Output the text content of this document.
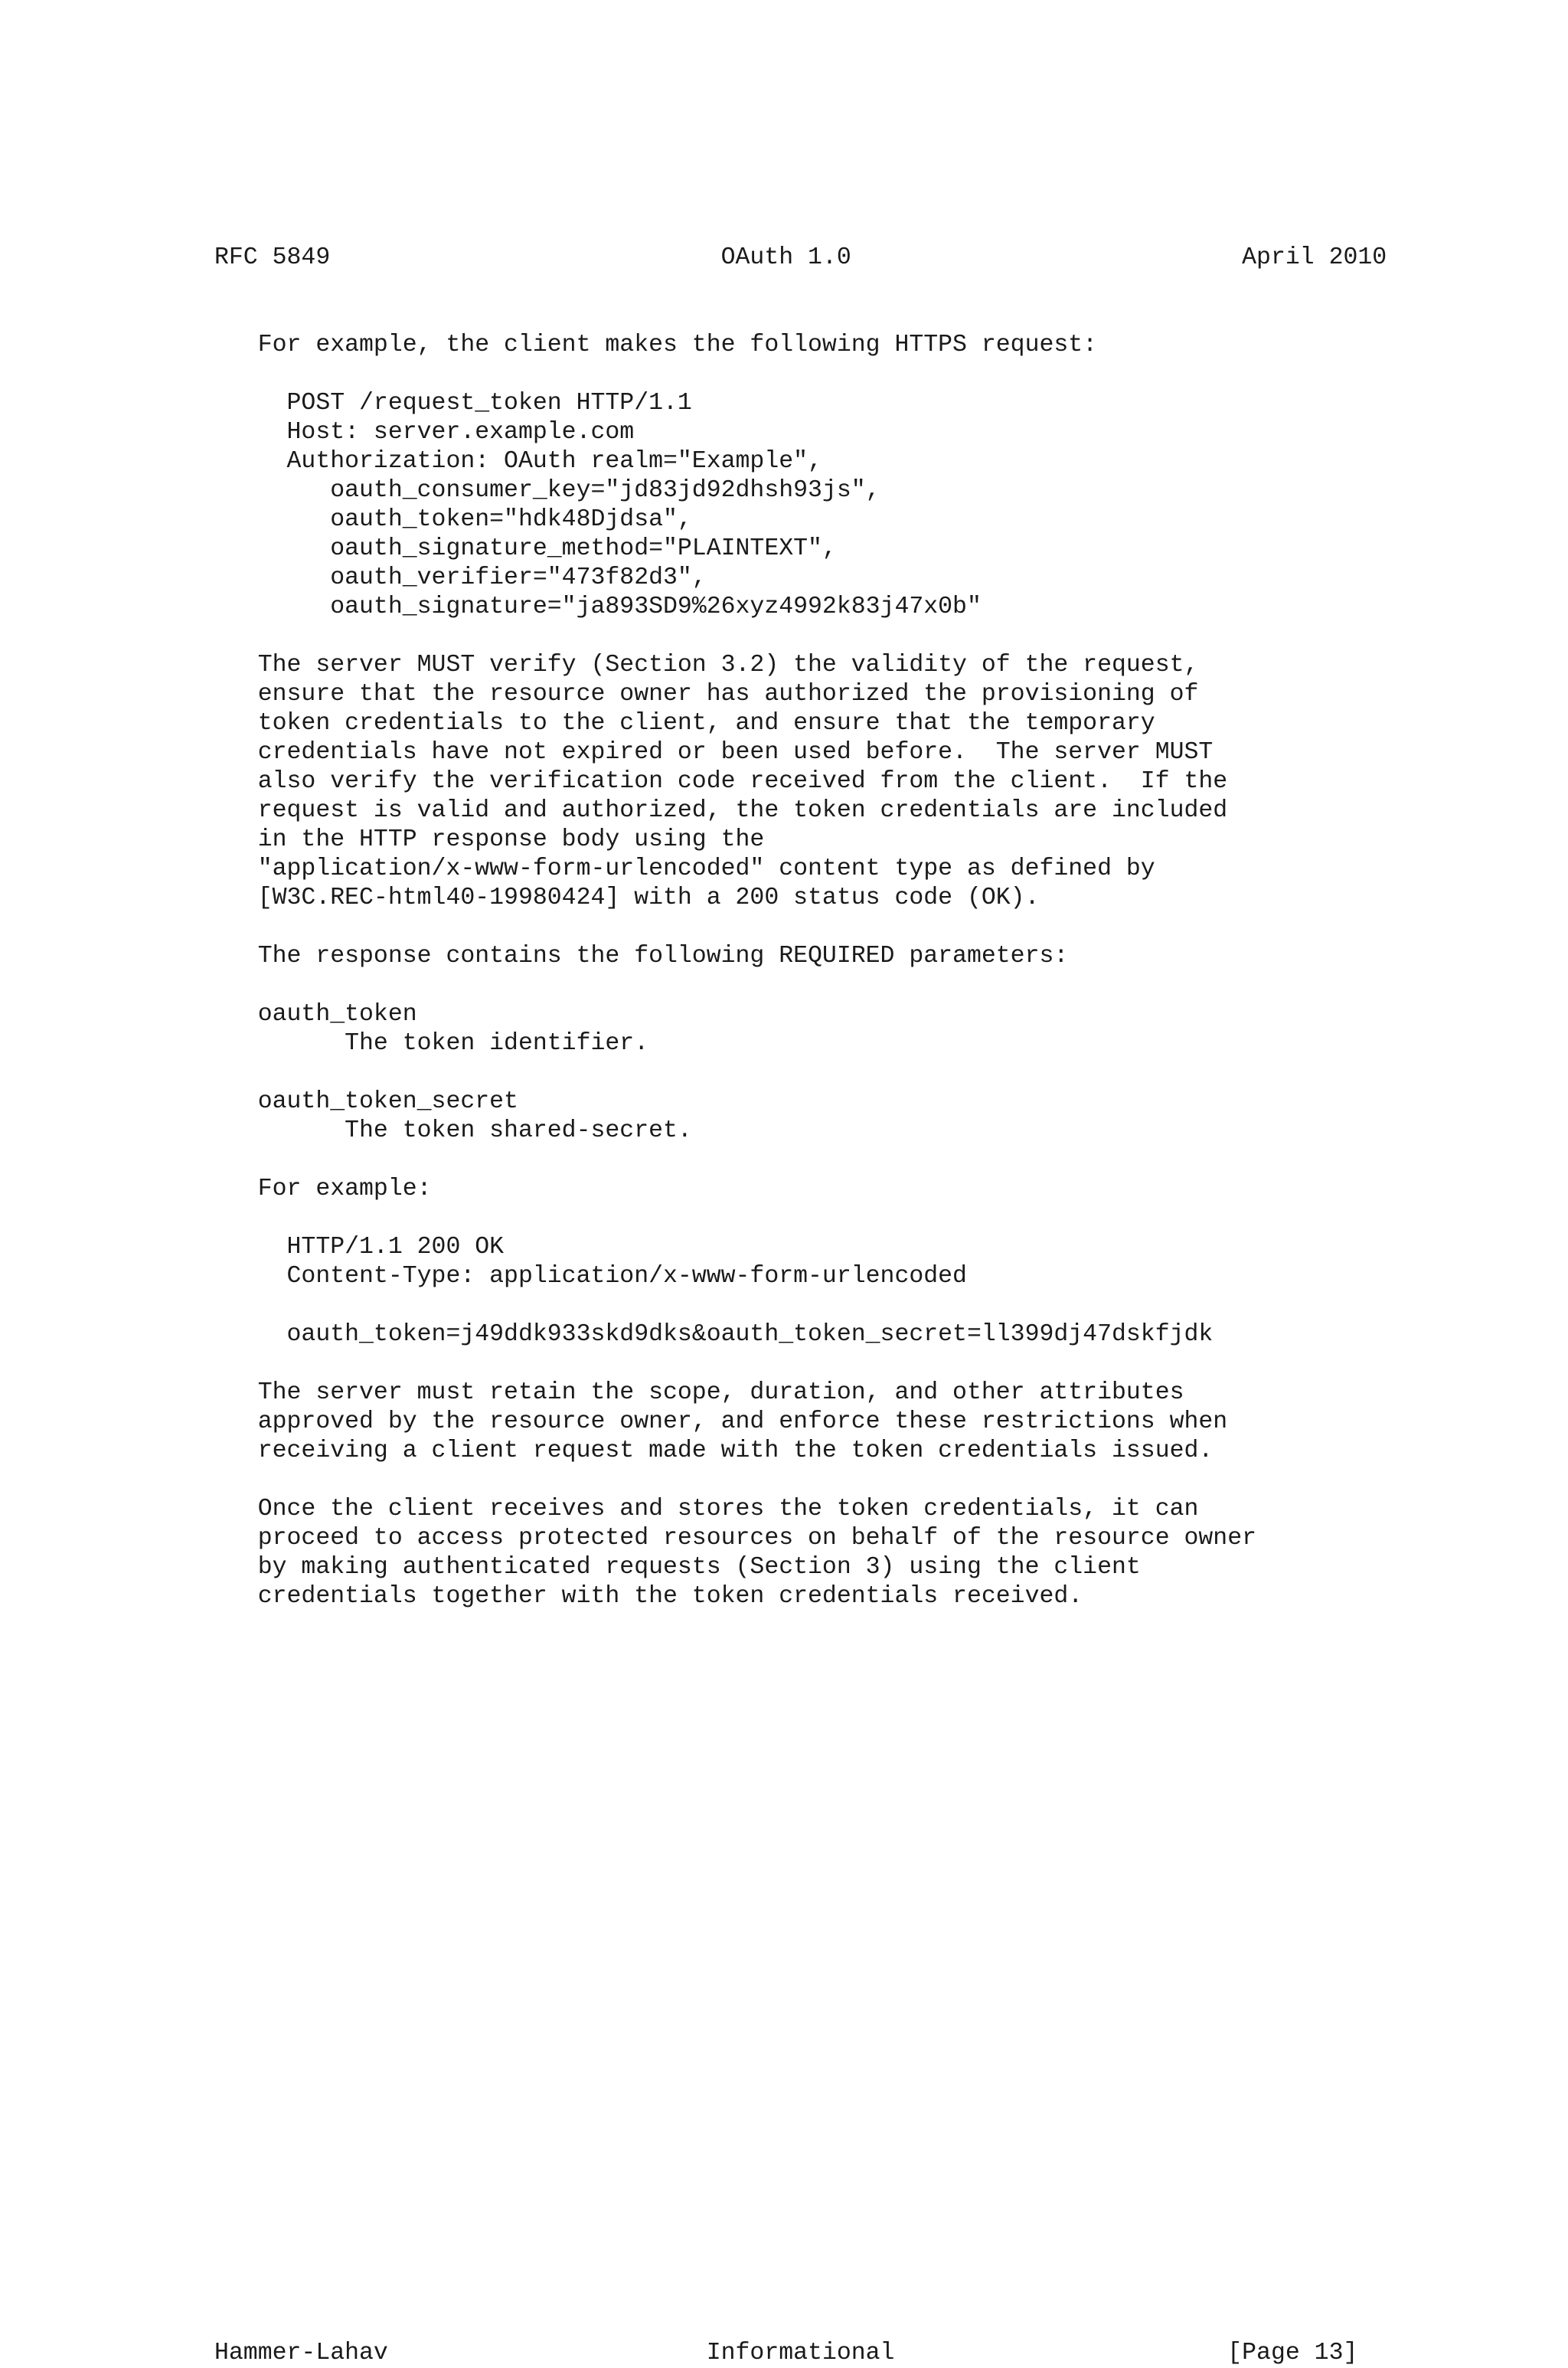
RFC 5849	OAuth 1.0	April 2010
For example, the client makes the following HTTPS request:
POST /request_token HTTP/1.1
Host: server.example.com
Authorization: OAuth realm="Example",
oauth_consumer_key="jd83jd92dhsh93js",
oauth_token="hdk48Djdsa",
oauth_signature_method="PLAINTEXT",
oauth_verifier="473f82d3",
oauth_signature="ja893SD9%26xyz4992k83j47x0b"
The server MUST verify (Section 3.2) the validity of the request,
ensure that the resource owner has authorized the provisioning of
token credentials to the client, and ensure that the temporary
credentials have not expired or been used before.  The server MUST
also verify the verification code received from the client.  If the
request is valid and authorized, the token credentials are included
in the HTTP response body using the
"application/x-www-form-urlencoded" content type as defined by
[W3C.REC-html40-19980424] with a 200 status code (OK).
The response contains the following REQUIRED parameters:
oauth_token
The token identifier.
oauth_token_secret
The token shared-secret.
For example:
HTTP/1.1 200 OK
Content-Type: application/x-www-form-urlencoded
oauth_token=j49ddk933skd9dks&oauth_token_secret=ll399dj47dskfjdk
The server must retain the scope, duration, and other attributes
approved by the resource owner, and enforce these restrictions when
receiving a client request made with the token credentials issued.
Once the client receives and stores the token credentials, it can
proceed to access protected resources on behalf of the resource owner
by making authenticated requests (Section 3) using the client
credentials together with the token credentials received.
Hammer-Lahav	Informational	[Page 13]
